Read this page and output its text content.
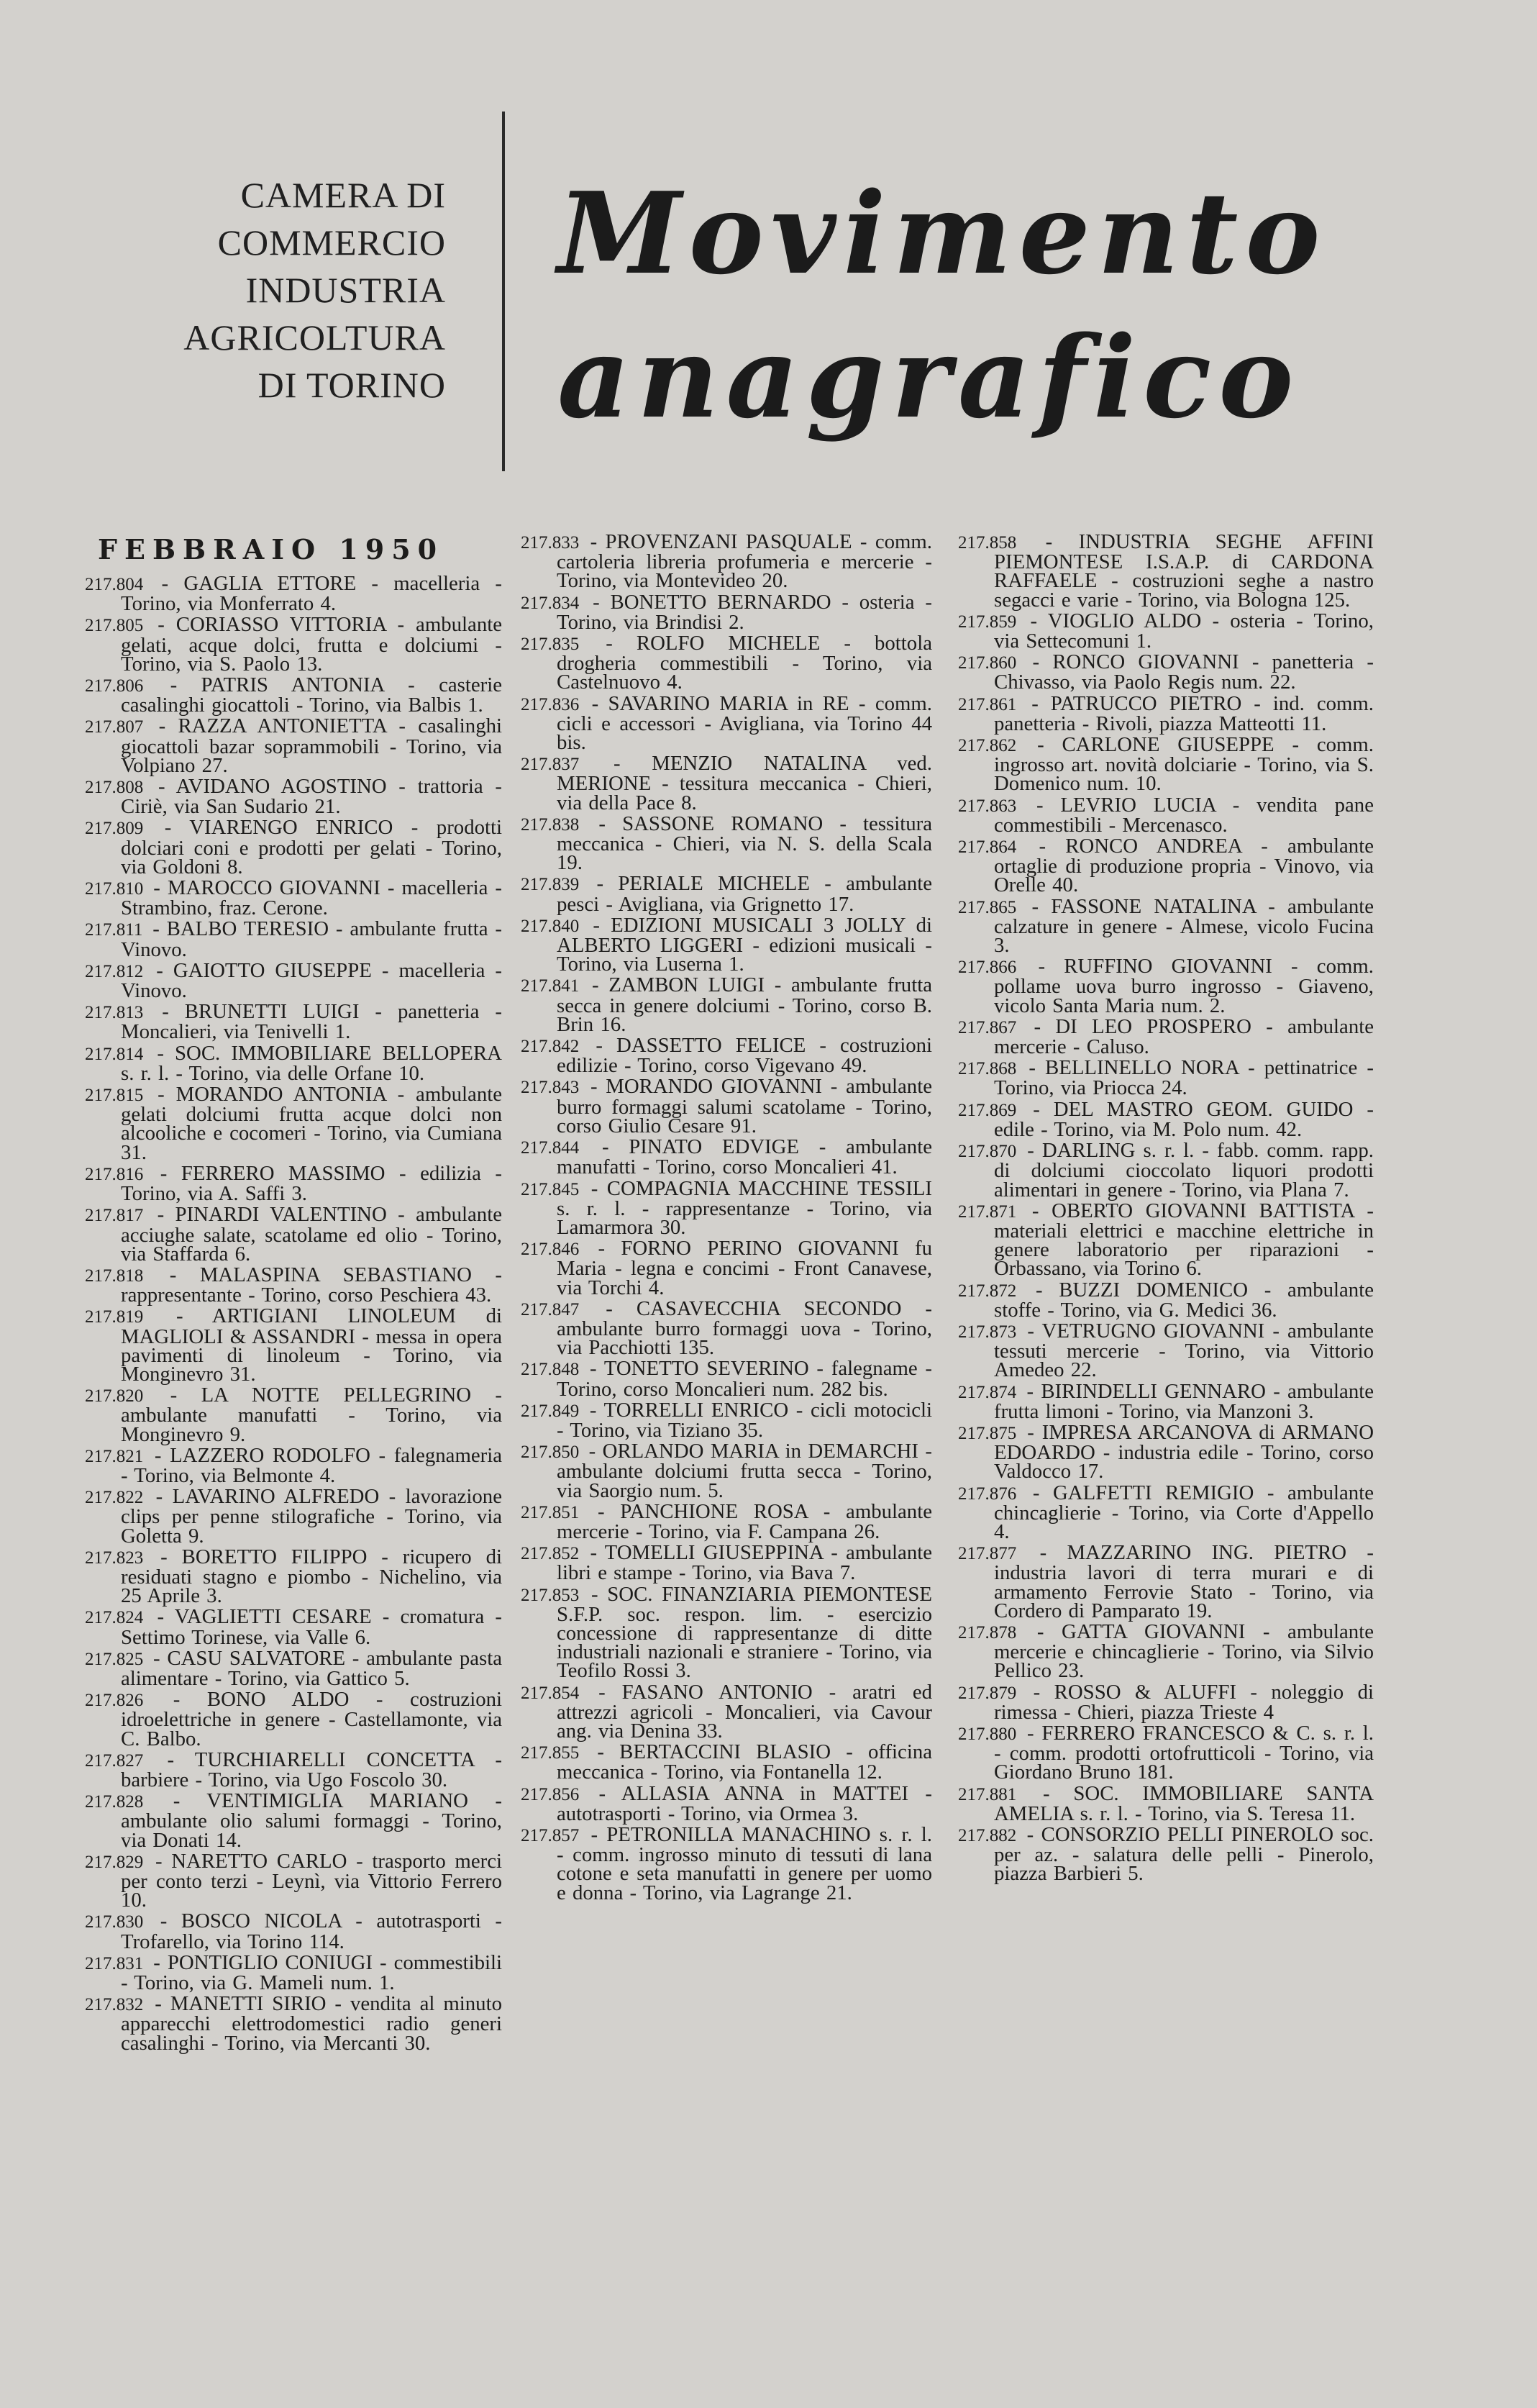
CAMERA DI
COMMERCIO
INDUSTRIA
AGRICOLTURA
DI TORINO
Movimento
anagrafico
FEBBRAIO 1950
217.804 - GAGLIA ETTORE - macelleria - Torino, via Monferrato 4.
217.805 - CORIASSO VITTORIA - ambulante gelati, acque dolci, frutta e dolciumi - Torino, via S. Paolo 13.
217.806 - PATRIS ANTONIA - casterie casalinghi giocattoli - Torino, via Balbis 1.
217.807 - RAZZA ANTONIETTA - casalinghi giocattoli bazar soprammobili - Torino, via Volpiano 27.
217.808 - AVIDANO AGOSTINO - trattoria - Ciriè, via San Sudario 21.
217.809 - VIARENGO ENRICO - prodotti dolciari coni e prodotti per gelati - Torino, via Goldoni 8.
217.810 - MAROCCO GIOVANNI - macelleria - Strambino, fraz. Cerone.
217.811 - BALBO TERESIO - ambulante frutta - Vinovo.
217.812 - GAIOTTO GIUSEPPE - macelleria - Vinovo.
217.813 - BRUNETTI LUIGI - panetteria - Moncalieri, via Tenivelli 1.
217.814 - SOC. IMMOBILIARE BELLOPERA s. r. l. - Torino, via delle Orfane 10.
217.815 - MORANDO ANTONIA - ambulante gelati dolciumi frutta acque dolci non alcooliche e cocomeri - Torino, via Cumiana 31.
217.816 - FERRERO MASSIMO - edilizia - Torino, via A. Saffi 3.
217.817 - PINARDI VALENTINO - ambulante acciughe salate, scatolame ed olio - Torino, via Staffarda 6.
217.818 - MALASPINA SEBASTIANO - rappresentante - Torino, corso Peschiera 43.
217.819 - ARTIGIANI LINOLEUM di MAGLIOLI & ASSANDRI - messa in opera pavimenti di linoleum - Torino, via Monginevro 31.
217.820 - LA NOTTE PELLEGRINO - ambulante manufatti - Torino, via Monginevro 9.
217.821 - LAZZERO RODOLFO - falegnameria - Torino, via Belmonte 4.
217.822 - LAVARINO ALFREDO - lavorazione clips per penne stilografiche - Torino, via Goletta 9.
217.823 - BORETTO FILIPPO - ricupero di residuati stagno e piombo - Nichelino, via 25 Aprile 3.
217.824 - VAGLIETTI CESARE - cromatura - Settimo Torinese, via Valle 6.
217.825 - CASU SALVATORE - ambulante pasta alimentare - Torino, via Gattico 5.
217.826 - BONO ALDO - costruzioni idroelettriche in genere - Castellamonte, via C. Balbo.
217.827 - TURCHIARELLI CONCETTA - barbiere - Torino, via Ugo Foscolo 30.
217.828 - VENTIMIGLIA MARIANO - ambulante olio salumi formaggi - Torino, via Donati 14.
217.829 - NARETTO CARLO - trasporto merci per conto terzi - Leynì, via Vittorio Ferrero 10.
217.830 - BOSCO NICOLA - autotrasporti - Trofarello, via Torino 114.
217.831 - PONTIGLIO CONIUGI - commestibili - Torino, via G. Mameli num. 1.
217.832 - MANETTI SIRIO - vendita al minuto apparecchi elettrodomestici radio generi casalinghi - Torino, via Mercanti 30.
217.833 - PROVENZANI PASQUALE - comm. cartoleria libreria profumeria e mercerie - Torino, via Montevideo 20.
217.834 - BONETTO BERNARDO - osteria - Torino, via Brindisi 2.
217.835 - ROLFO MICHELE - bottola drogheria commestibili - Torino, via Castelnuovo 4.
217.836 - SAVARINO MARIA in RE - comm. cicli e accessori - Avigliana, via Torino 44 bis.
217.837 - MENZIO NATALINA ved. MERIONE - tessitura meccanica - Chieri, via della Pace 8.
217.838 - SASSONE ROMANO - tessitura meccanica - Chieri, via N. S. della Scala 19.
217.839 - PERIALE MICHELE - ambulante pesci - Avigliana, via Grignetto 17.
217.840 - EDIZIONI MUSICALI 3 JOLLY di ALBERTO LIGGERI - edizioni musicali - Torino, via Luserna 1.
217.841 - ZAMBON LUIGI - ambulante frutta secca in genere dolciumi - Torino, corso B. Brin 16.
217.842 - DASSETTO FELICE - costruzioni edilizie - Torino, corso Vigevano 49.
217.843 - MORANDO GIOVANNI - ambulante burro formaggi salumi scatolame - Torino, corso Giulio Cesare 91.
217.844 - PINATO EDVIGE - ambulante manufatti - Torino, corso Moncalieri 41.
217.845 - COMPAGNIA MACCHINE TESSILI s. r. l. - rappresentanze - Torino, via Lamarmora 30.
217.846 - FORNO PERINO GIOVANNI fu Maria - legna e concimi - Front Canavese, via Torchi 4.
217.847 - CASAVECCHIA SECONDO - ambulante burro formaggi uova - Torino, via Pacchiotti 135.
217.848 - TONETTO SEVERINO - falegname - Torino, corso Moncalieri num. 282 bis.
217.849 - TORRELLI ENRICO - cicli motocicli - Torino, via Tiziano 35.
217.850 - ORLANDO MARIA in DEMARCHI - ambulante dolciumi frutta secca - Torino, via Saorgio num. 5.
217.851 - PANCHIONE ROSA - ambulante mercerie - Torino, via F. Campana 26.
217.852 - TOMELLI GIUSEPPINA - ambulante libri e stampe - Torino, via Bava 7.
217.853 - SOC. FINANZIARIA PIEMONTESE S.F.P. soc. respon. lim. - esercizio concessione di rappresentanze di ditte industriali nazionali e straniere - Torino, via Teofilo Rossi 3.
217.854 - FASANO ANTONIO - aratri ed attrezzi agricoli - Moncalieri, via Cavour ang. via Denina 33.
217.855 - BERTACCINI BLASIO - officina meccanica - Torino, via Fontanella 12.
217.856 - ALLASIA ANNA in MATTEI - autotrasporti - Torino, via Ormea 3.
217.857 - PETRONILLA MANACHINO s. r. l. - comm. ingrosso minuto di tessuti di lana cotone e seta manufatti in genere per uomo e donna - Torino, via Lagrange 21.
217.858 - INDUSTRIA SEGHE AFFINI PIEMONTESE I.S.A.P. di CARDONA RAFFAELE - costruzioni seghe a nastro segacci e varie - Torino, via Bologna 125.
217.859 - VIOGLIO ALDO - osteria - Torino, via Settecomuni 1.
217.860 - RONCO GIOVANNI - panetteria - Chivasso, via Paolo Regis num. 22.
217.861 - PATRUCCO PIETRO - ind. comm. panetteria - Rivoli, piazza Matteotti 11.
217.862 - CARLONE GIUSEPPE - comm. ingrosso art. novità dolciarie - Torino, via S. Domenico num. 10.
217.863 - LEVRIO LUCIA - vendita pane commestibili - Mercenasco.
217.864 - RONCO ANDREA - ambulante ortaglie di produzione propria - Vinovo, via Orelle 40.
217.865 - FASSONE NATALINA - ambulante calzature in genere - Almese, vicolo Fucina 3.
217.866 - RUFFINO GIOVANNI - comm. pollame uova burro ingrosso - Giaveno, vicolo Santa Maria num. 2.
217.867 - DI LEO PROSPERO - ambulante mercerie - Caluso.
217.868 - BELLINELLO NORA - pettinatrice - Torino, via Priocca 24.
217.869 - DEL MASTRO GEOM. GUIDO - edile - Torino, via M. Polo num. 42.
217.870 - DARLING s. r. l. - fabb. comm. rapp. di dolciumi cioccolato liquori prodotti alimentari in genere - Torino, via Plana 7.
217.871 - OBERTO GIOVANNI BATTISTA - materiali elettrici e macchine elettriche in genere laboratorio per riparazioni - Orbassano, via Torino 6.
217.872 - BUZZI DOMENICO - ambulante stoffe - Torino, via G. Medici 36.
217.873 - VETRUGNO GIOVANNI - ambulante tessuti mercerie - Torino, via Vittorio Amedeo 22.
217.874 - BIRINDELLI GENNARO - ambulante frutta limoni - Torino, via Manzoni 3.
217.875 - IMPRESA ARCANOVA di ARMANO EDOARDO - industria edile - Torino, corso Valdocco 17.
217.876 - GALFETTI REMIGIO - ambulante chincaglierie - Torino, via Corte d'Appello 4.
217.877 - MAZZARINO ING. PIETRO - industria lavori di terra murari e di armamento Ferrovie Stato - Torino, via Cordero di Pamparato 19.
217.878 - GATTA GIOVANNI - ambulante mercerie e chincaglierie - Torino, via Silvio Pellico 23.
217.879 - ROSSO & ALUFFI - noleggio di rimessa - Chieri, piazza Trieste 4
217.880 - FERRERO FRANCESCO & C. s. r. l. - comm. prodotti ortofrutticoli - Torino, via Giordano Bruno 181.
217.881 - SOC. IMMOBILIARE SANTA AMELIA s. r. l. - Torino, via S. Teresa 11.
217.882 - CONSORZIO PELLI PINEROLO soc. per az. - salatura delle pelli - Pinerolo, piazza Barbieri 5.
